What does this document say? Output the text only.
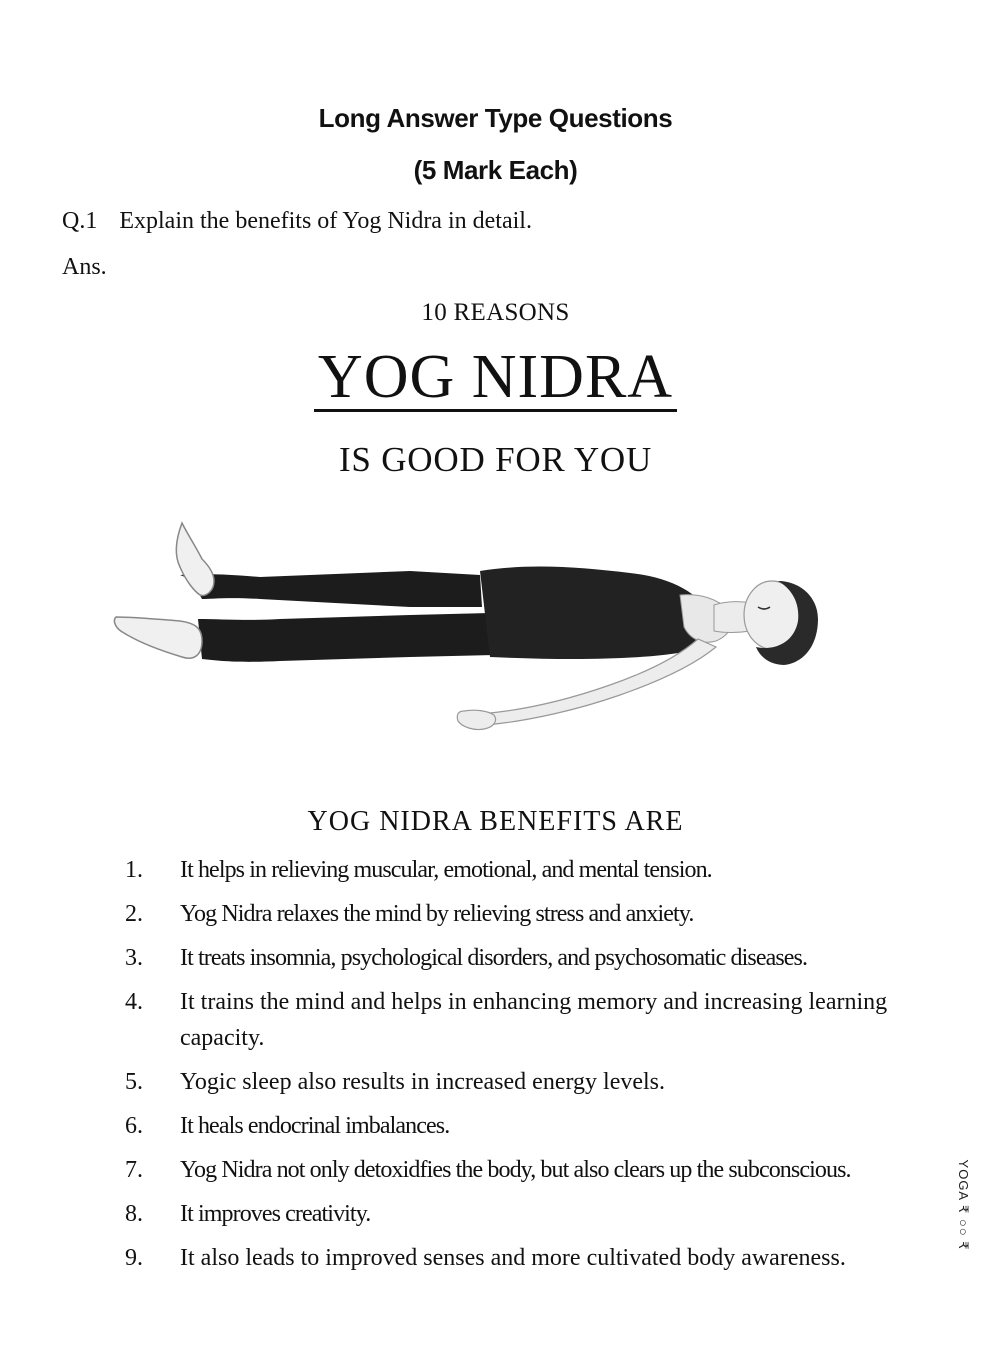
Long Answer Type Questions
(5 Mark Each)
Q.1 Explain the benefits of Yog Nidra in detail.
Ans.
10 REASONS
YOG NIDRA
IS GOOD FOR YOU
YOG NIDRA BENEFITS ARE
1.	It helps in relieving muscular, emotional, and mental tension.
2.	Yog Nidra relaxes the mind by relieving stress and anxiety.
3.	It treats insomnia, psychological disorders, and psychosomatic diseases.
4.	It trains the mind and helps in enhancing memory and increasing learning capacity.
5.	Yogic sleep also results in increased energy levels.
6.	It heals endocrinal imbalances.
7.	Yog Nidra not only detoxidfies the body, but also clears up the subconscious.
8.	It improves creativity.
9.	It also leads to improved senses and more cultivated body awareness.
YOGA ₹ ○○ ₹
